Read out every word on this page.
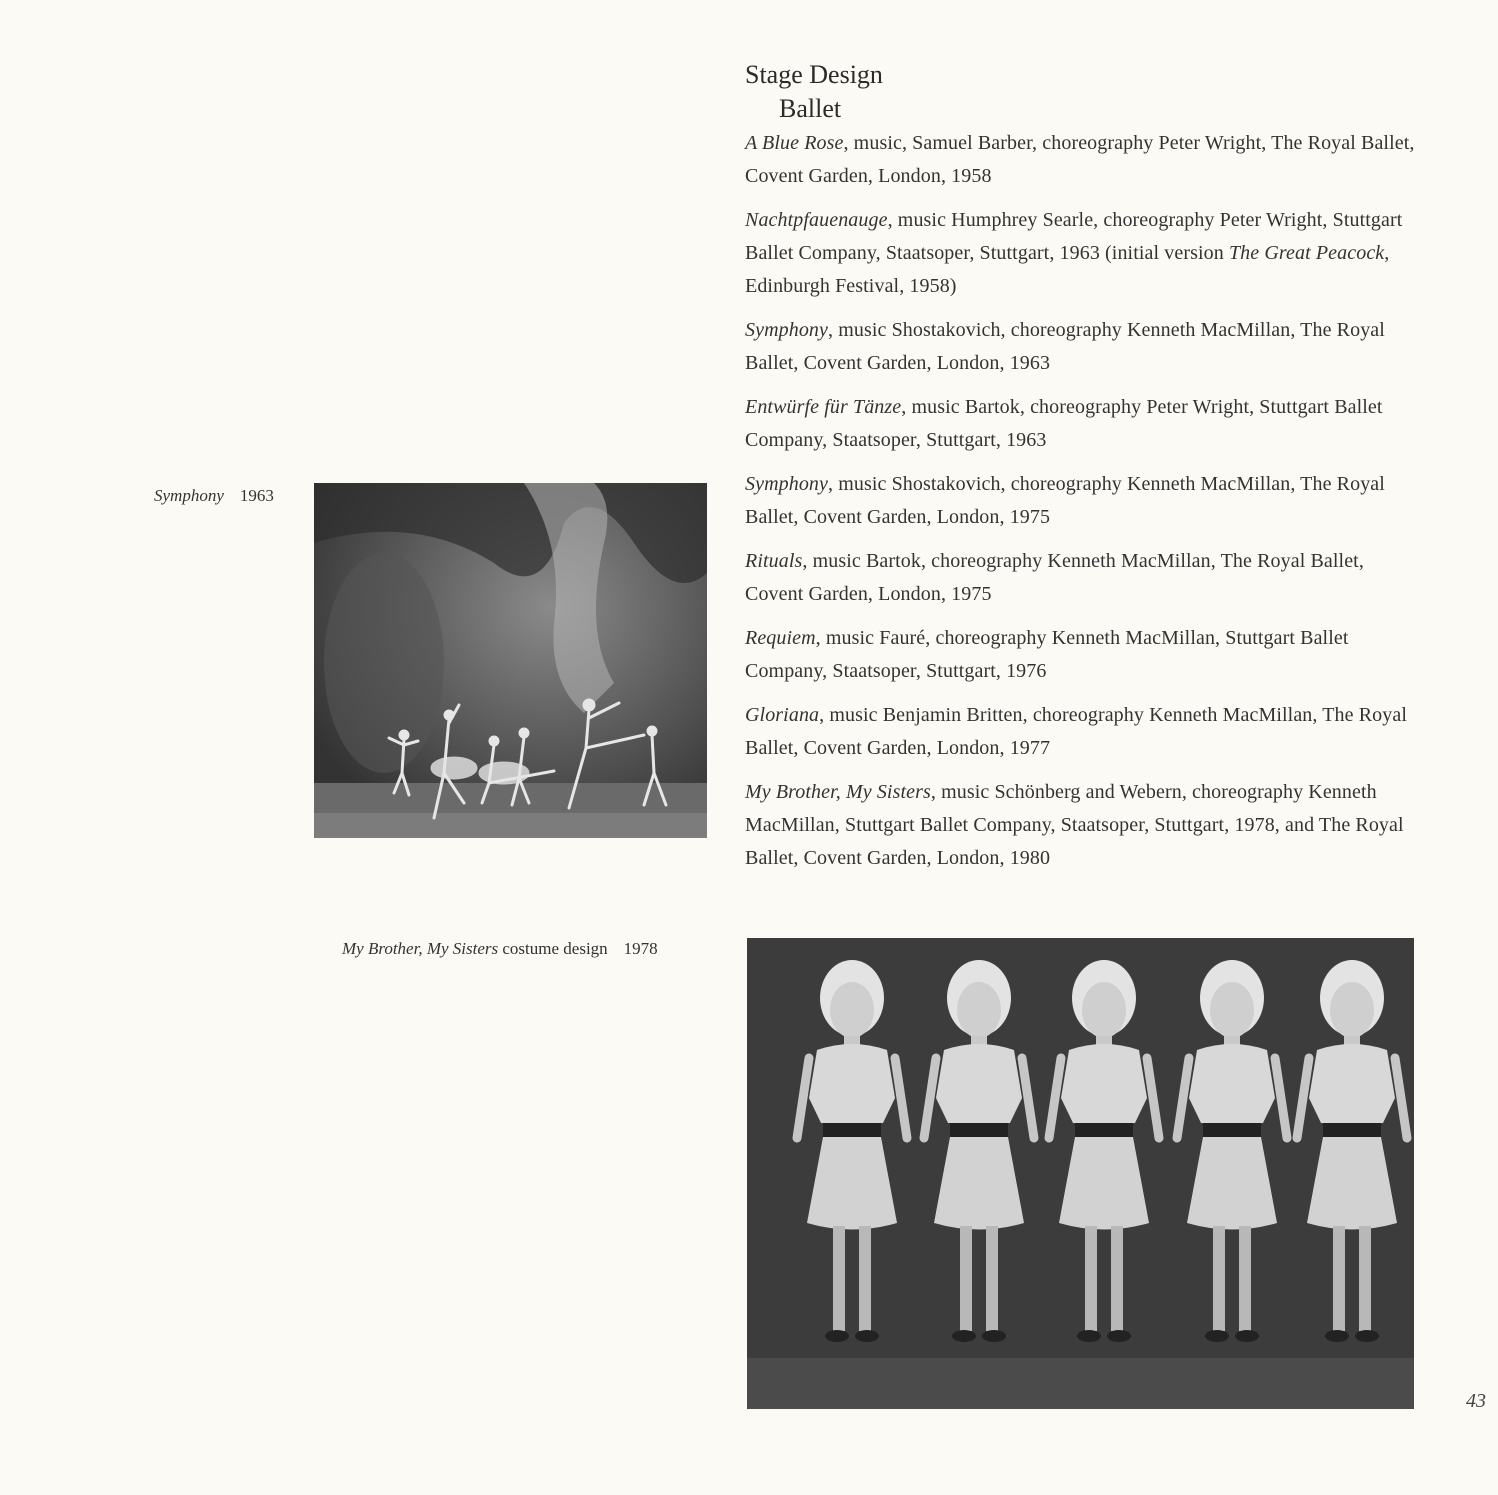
Stage Design
Ballet
A Blue Rose, music, Samuel Barber, choreography Peter Wright, The Royal Ballet, Covent Garden, London, 1958
Nachtpfauenauge, music Humphrey Searle, choreography Peter Wright, Stuttgart Ballet Company, Staatsoper, Stuttgart, 1963 (initial version The Great Peacock, Edinburgh Festival, 1958)
Symphony, music Shostakovich, choreography Kenneth MacMillan, The Royal Ballet, Covent Garden, London, 1963
Entwürfe für Tänze, music Bartok, choreography Peter Wright, Stuttgart Ballet Company, Staatsoper, Stuttgart, 1963
Symphony, music Shostakovich, choreography Kenneth MacMillan, The Royal Ballet, Covent Garden, London, 1975
Rituals, music Bartok, choreography Kenneth MacMillan, The Royal Ballet, Covent Garden, London, 1975
Requiem, music Fauré, choreography Kenneth MacMillan, Stuttgart Ballet Company, Staatsoper, Stuttgart, 1976
Gloriana, music Benjamin Britten, choreography Kenneth MacMillan, The Royal Ballet, Covent Garden, London, 1977
My Brother, My Sisters, music Schönberg and Webern, choreography Kenneth MacMillan, Stuttgart Ballet Company, Staatsoper, Stuttgart, 1978, and The Royal Ballet, Covent Garden, London, 1980
Symphony 1963
My Brother, My Sisters costume design 1978
43
